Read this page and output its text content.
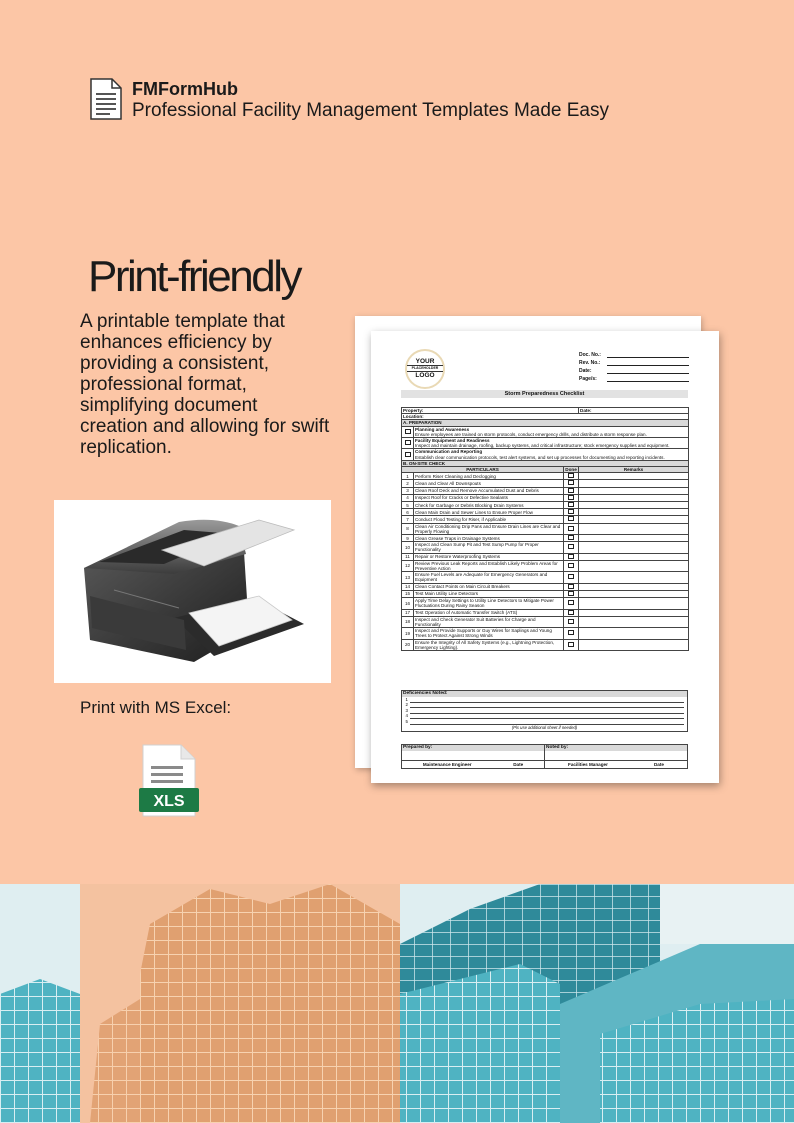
FMFormHub
Professional Facility Management Templates Made Easy
Print-friendly

A printable template that enhances efficiency by providing a consistent, professional format, simplifying document creation and allowing for swift replication.

Print with MS Excel:
XLS
YOUR
PLACEHOLDER
LOGO
Doc. No.:
Rev. No.:
Date:
Page/s:
Storm Preparedness Checklist
Property:			Date:
Location:			
A. PREPARATION			

	Planning and Awareness
Ensure employees are trained on storm protocols, conduct emergency drills, and distribute a storm response plan.		

	Facility Equipment and Readiness
Inspect and maintain drainage, roofing, backup systems, and critical infrastructure; stock emergency supplies and equipment.		

	Communication and Reporting
Establish clear communication protocols, test alert systems, and set up processes for documenting and reporting incidents.		

B. ON-SITE CHECK			
PARTICULARS		Done	Remarks
1	Perform Riser Cleaning and Declogging		
2	Clean and Clear All Downspouts		
3	Clean Roof Deck and Remove Accumulated Dust and Debris		
4	Inspect Roof for Cracks or Defective Sealants		
5	Check for Garbage or Debris Blocking Drain Systems		
6	Clean Main Drain and Sewer Lines to Ensure Proper Flow		
7	Conduct Flood Testing for Riser, if Applicable		
8	Clean Air Conditioning Drip Pans and Ensure Drain Lines are Clear and Properly Flowing		
9	Clean Grease Traps in Drainage Systems		
10	Inspect and Clean Sump Pit and Test Sump Pump for Proper Functionality		
11	Repair or Restore Waterproofing Systems		
12	Review Previous Leak Reports and Establish Likely Problem Areas for Preventive Action		
13	Ensure Fuel Levels are Adequate for Emergency Generators and Equipment		
14	Clean Contact Points on Main Circuit Breakers		
15	Test Main Utility Line Detectors		
16	Apply Time Delay Settings to Utility Line Detectors to Mitigate Power Fluctuations During Rainy Season		
17	Test Operation of Automatic Transfer Switch (ATS)		
18	Inspect and Check Generator Suit Batteries for Charge and Functionality		
19	Inspect and Provide Supports or Guy Wires for Saplings and Young Trees to Protect Against Strong Winds		
20	Ensure the Integrity of All Safety Systems (e.g., Lightning Protection, Emergency Lighting).		
Deficiencies Noted:
1
2
3
4
5
(Pls use additional sheet if needed)
Prepared by:
Maintenance Engineer	Date
Noted by:
Facilities Manager	Date
